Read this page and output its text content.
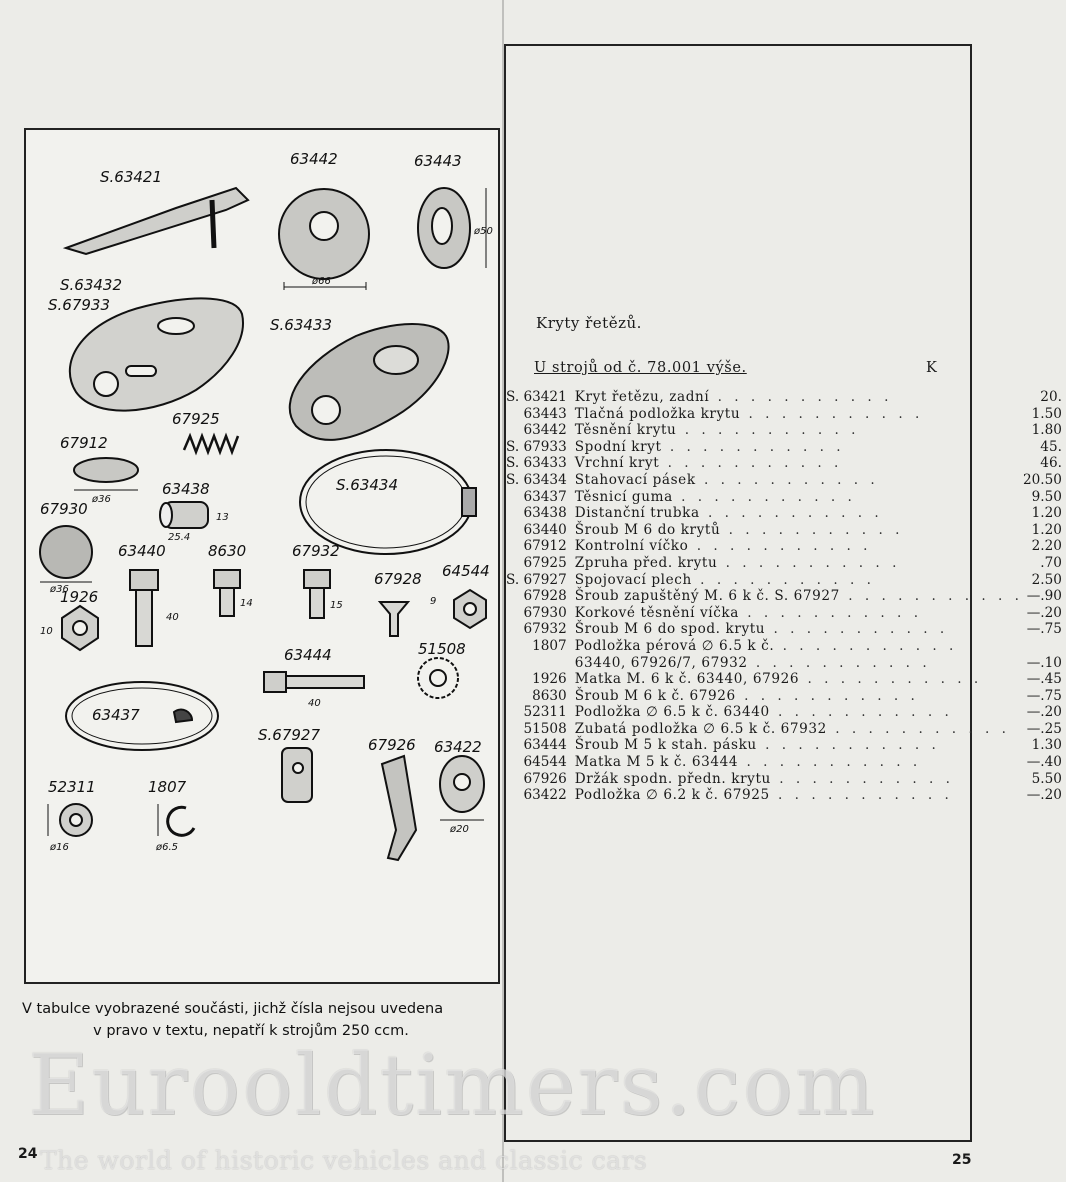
S.63421
63442	63443
S.63432
S.67933
S.63433
67925
67912
S.63434
63438
67930
63440	8630	67932
67928 64544
1926
63444	51508
63437
S.67927
67926 63422
52311	1807
ø66
ø50
ø36
ø36
13
25.4
40
14	15	9
10
40
ø20
ø16	ø6.5
V tabulce vyobrazené součásti, jichž čísla nejsou uvedena
v pravo v textu, nepatří k strojům 250 ccm.
24
Kryty řetězů.
U strojů od č. 78.001 výše.	K
S. 63421	Kryt řetězu, zadní . . . . . . . . . . .	20.
63443	Tlačná podložka krytu . . . . . . . . . . .	1.50
63442	Těsnění krytu . . . . . . . . . . .	1.80
S. 67933	Spodní kryt . . . . . . . . . . .	45.
S. 63433	Vrchní kryt . . . . . . . . . . .	46.
S. 63434	Stahovací pásek . . . . . . . . . . .	20.50
63437	Těsnicí guma . . . . . . . . . . .	9.50
63438	Distanční trubka . . . . . . . . . . .	1.20
63440	Šroub M 6 do krytů . . . . . . . . . . .	1.20
67912	Kontrolní víčko . . . . . . . . . . .	2.20
67925	Zpruha před. krytu . . . . . . . . . . .	.70
S. 67927	Spojovací plech . . . . . . . . . . .	2.50
67928	Šroub zapuštěný M. 6 k č. S. 67927 . . . . . . . . . . .	—.90
67930	Korkové těsnění víčka . . . . . . . . . . .	—.20
67932	Šroub M 6 do spod. krytu . . . . . . . . . . .	—.75
1807	Podložka pérová ∅ 6.5 k č. . . . . . . . . . . .	
	63440, 67926/7, 67932 . . . . . . . . . . .	—.10
1926	Matka M. 6 k č. 63440, 67926 . . . . . . . . . . .	—.45
8630	Šroub M 6 k č. 67926 . . . . . . . . . . .	—.75
52311	Podložka ∅ 6.5 k č. 63440 . . . . . . . . . . .	—.20
51508	Zubatá podložka ∅ 6.5 k č. 67932 . . . . . . . . . . .	—.25
63444	Šroub M 5 k stah. pásku . . . . . . . . . . .	1.30
64544	Matka M 5 k č. 63444 . . . . . . . . . . .	—.40
67926	Držák spodn. předn. krytu . . . . . . . . . . .	5.50
63422	Podložka ∅ 6.2 k č. 67925 . . . . . . . . . . .	—.20
25
Eurooldtimers.com
The world of historic vehicles and classic cars
